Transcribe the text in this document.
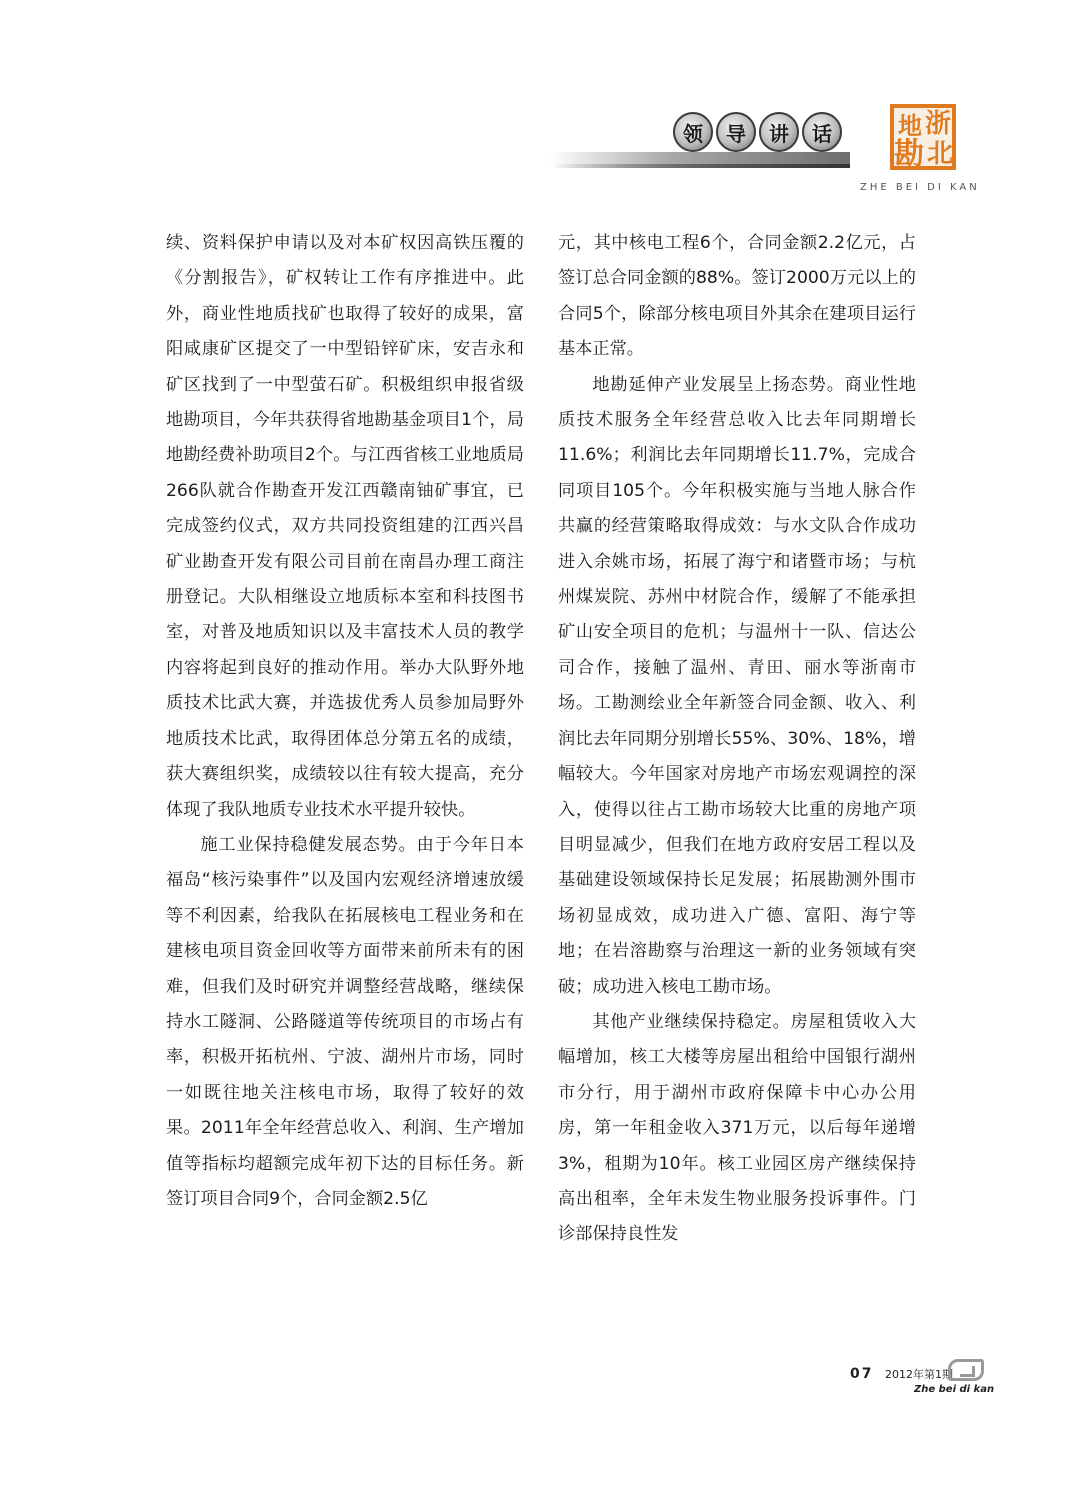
领	导	讲	话	地 浙
勘 北
ZHE BEI DI KAN

续、资料保护申请以及对本矿权因高铁压覆的《分割报告》，矿权转让工作有序推进中。此外，商业性地质找矿也取得了较好的成果，富阳咸康矿区提交了一中型铅锌矿床，安吉永和矿区找到了一中型萤石矿。积极组织申报省级地勘项目，今年共获得省地勘基金项目1个，局地勘经费补助项目2个。与江西省核工业地质局266队就合作勘查开发江西赣南铀矿事宜，已完成签约仪式，双方共同投资组建的江西兴昌矿业勘查开发有限公司目前在南昌办理工商注册登记。大队相继设立地质标本室和科技图书室，对普及地质知识以及丰富技术人员的教学内容将起到良好的推动作用。举办大队野外地质技术比武大赛，并选拔优秀人员参加局野外地质技术比武，取得团体总分第五名的成绩，获大赛组织奖，成绩较以往有较大提高，充分体现了我队地质专业技术水平提升较快。

施工业保持稳健发展态势。由于今年日本福岛“核污染事件”以及国内宏观经济增速放缓等不利因素，给我队在拓展核电工程业务和在建核电项目资金回收等方面带来前所未有的困难，但我们及时研究并调整经营战略，继续保持水工隧洞、公路隧道等传统项目的市场占有率，积极开拓杭州、宁波、湖州片市场，同时一如既往地关注核电市场，取得了较好的效果。2011年全年经营总收入、利润、生产增加值等指标均超额完成年初下达的目标任务。新签订项目合同9个，合同金额2.5亿

元，其中核电工程6个，合同金额2.2亿元，占签订总合同金额的88%。签订2000万元以上的合同5个，除部分核电项目外其余在建项目运行基本正常。

地勘延伸产业发展呈上扬态势。商业性地质技术服务全年经营总收入比去年同期增长11.6%；利润比去年同期增长11.7%，完成合同项目105个。今年积极实施与当地人脉合作共赢的经营策略取得成效：与水文队合作成功进入余姚市场，拓展了海宁和诸暨市场；与杭州煤炭院、苏州中材院合作，缓解了不能承担矿山安全项目的危机；与温州十一队、信达公司合作，接触了温州、青田、丽水等浙南市场。工勘测绘业全年新签合同金额、收入、利润比去年同期分别增长55%、30%、18%，增幅较大。今年国家对房地产市场宏观调控的深入，使得以往占工勘市场较大比重的房地产项目明显减少，但我们在地方政府安居工程以及基础建设领域保持长足发展；拓展勘测外围市场初显成效，成功进入广德、富阳、海宁等地；在岩溶勘察与治理这一新的业务领域有突破；成功进入核电工勘市场。

其他产业继续保持稳定。房屋租赁收入大幅增加，核工大楼等房屋出租给中国银行湖州市分行，用于湖州市政府保障卡中心办公用房，第一年租金收入371万元，以后每年递增3%，租期为10年。核工业园区房产继续保持高出租率，全年未发生物业服务投诉事件。门诊部保持良性发

07 2012年第1期
Zhe bei di kan
